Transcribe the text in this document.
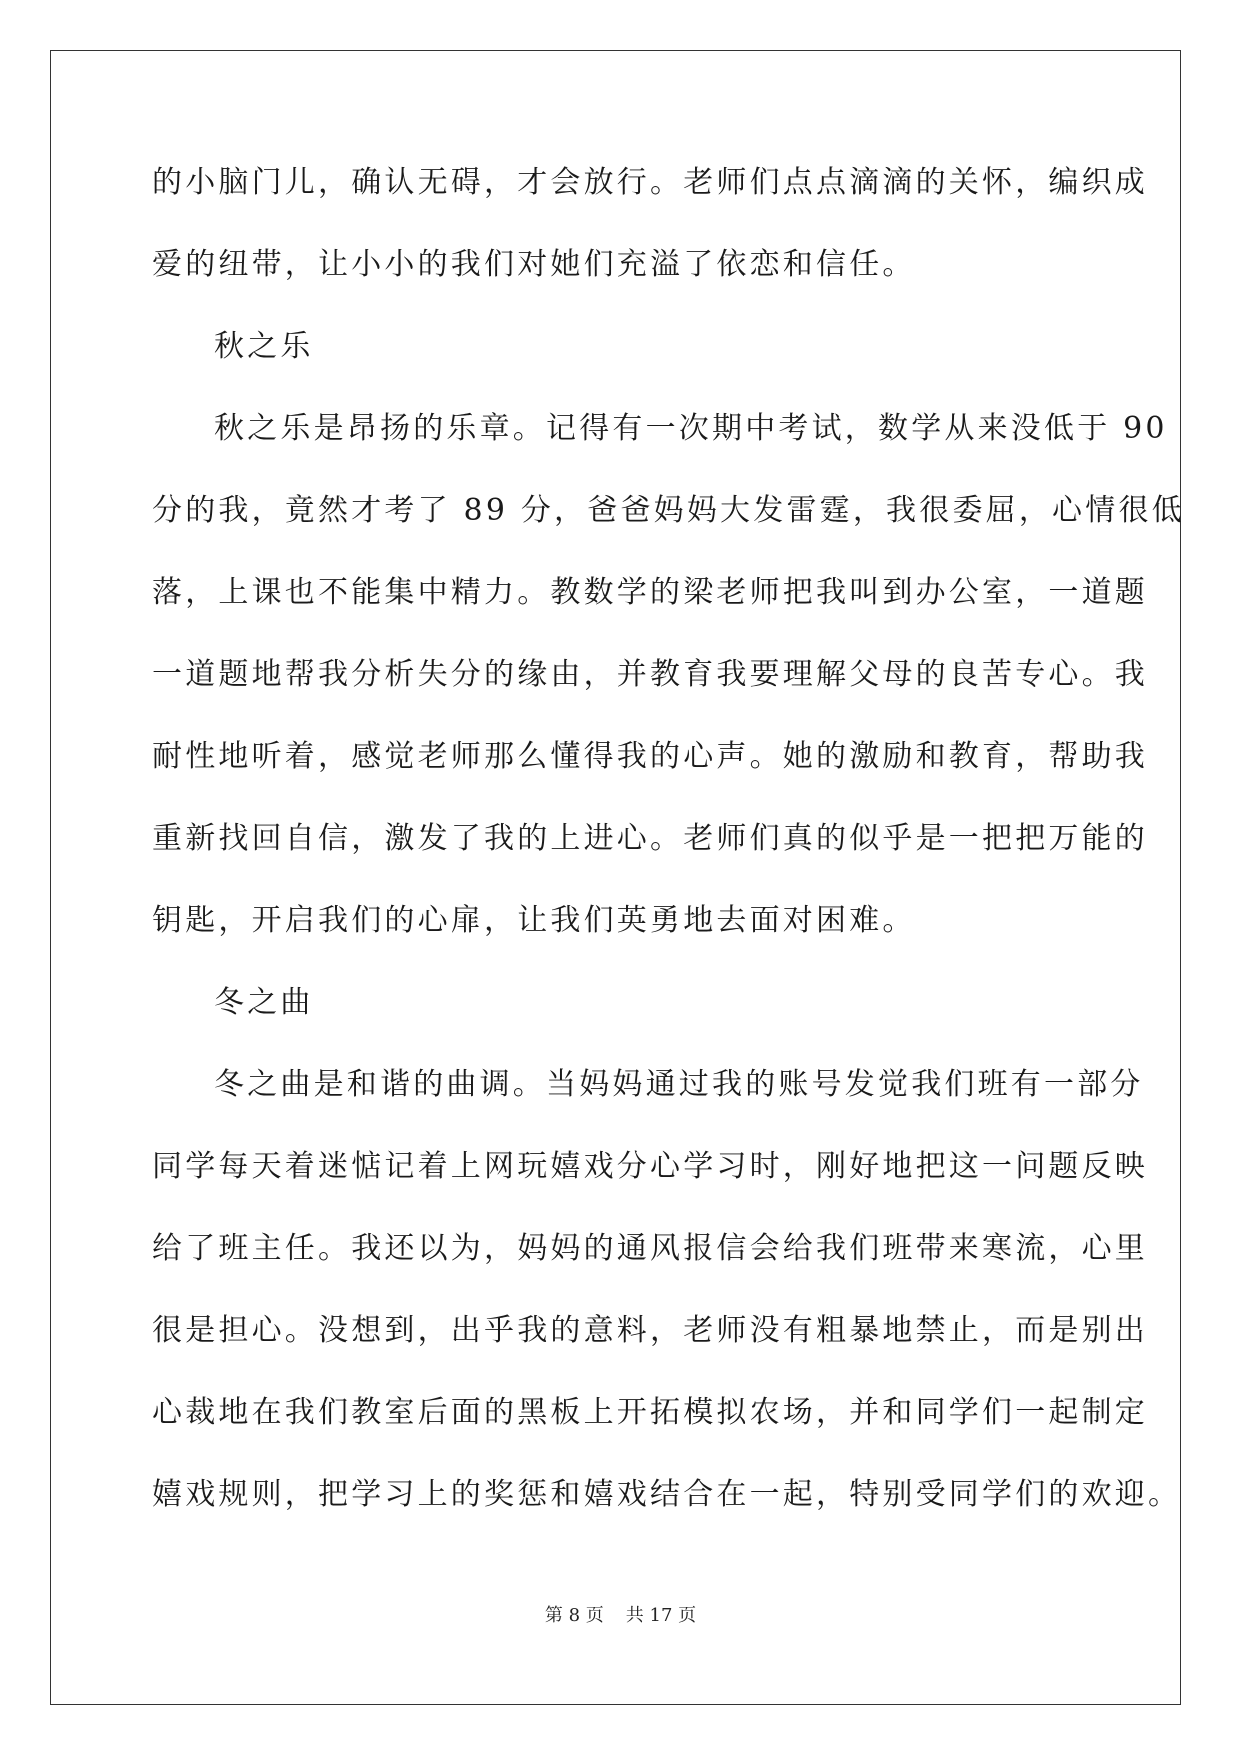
的小脑门儿，确认无碍，才会放行。老师们点点滴滴的关怀，编织成
爱的纽带，让小小的我们对她们充溢了依恋和信任。
秋之乐
秋之乐是昂扬的乐章。记得有一次期中考试，数学从来没低于 90
分的我，竟然才考了 89 分，爸爸妈妈大发雷霆，我很委屈，心情很低
落，上课也不能集中精力。教数学的梁老师把我叫到办公室，一道题
一道题地帮我分析失分的缘由，并教育我要理解父母的良苦专心。我
耐性地听着，感觉老师那么懂得我的心声。她的激励和教育，帮助我
重新找回自信，激发了我的上进心。老师们真的似乎是一把把万能的
钥匙，开启我们的心扉，让我们英勇地去面对困难。
冬之曲
冬之曲是和谐的曲调。当妈妈通过我的账号发觉我们班有一部分
同学每天着迷惦记着上网玩嬉戏分心学习时，刚好地把这一问题反映
给了班主任。我还以为，妈妈的通风报信会给我们班带来寒流，心里
很是担心。没想到，出乎我的意料，老师没有粗暴地禁止，而是别出
心裁地在我们教室后面的黑板上开拓模拟农场，并和同学们一起制定
嬉戏规则，把学习上的奖惩和嬉戏结合在一起，特别受同学们的欢迎。
第 8 页 共 17 页
